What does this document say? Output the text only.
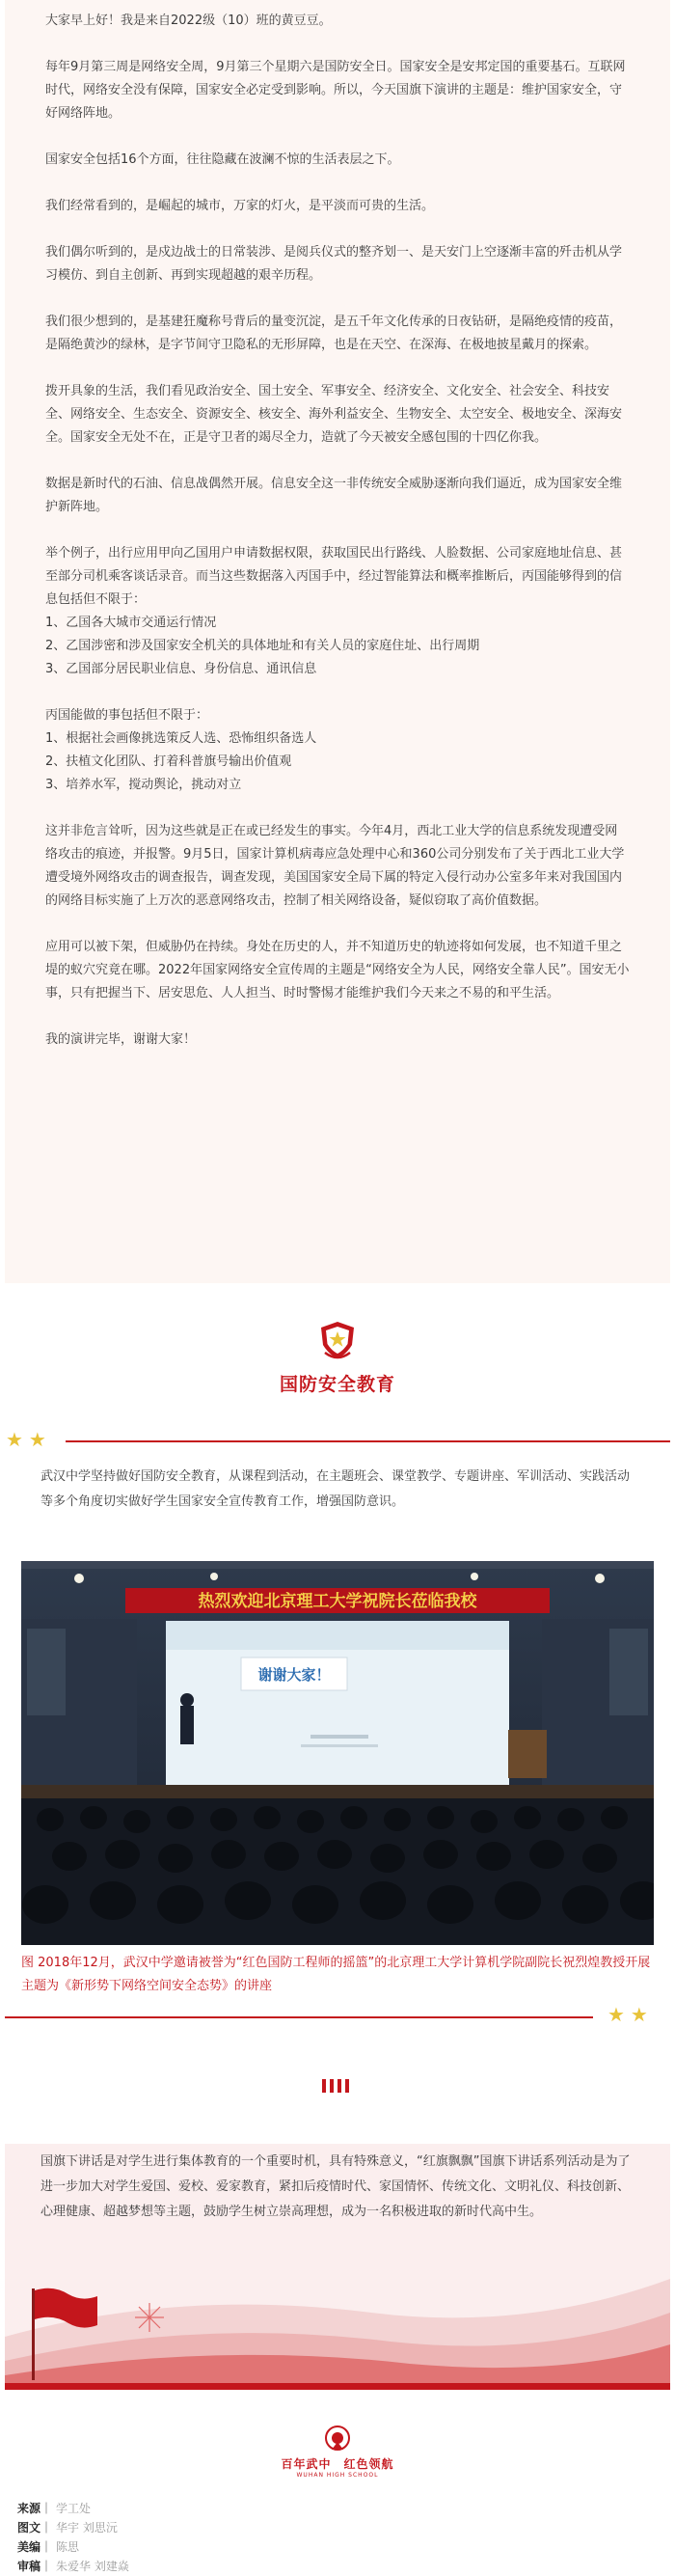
大家早上好！我是来自2022级（10）班的黄豆豆。

每年9月第三周是网络安全周，9月第三个星期六是国防安全日。国家安全是安邦定国的重要基石。互联网时代，网络安全没有保障，国家安全必定受到影响。所以，今天国旗下演讲的主题是：维护国家安全，守好网络阵地。

国家安全包括16个方面，往往隐藏在波澜不惊的生活表层之下。

我们经常看到的，是崛起的城市，万家的灯火，是平淡而可贵的生活。

我们偶尔听到的，是戍边战士的日常装涉、是阅兵仪式的整齐划一、是天安门上空逐渐丰富的歼击机从学习模仿、到自主创新、再到实现超越的艰辛历程。

我们很少想到的，是基建狂魔称号背后的量变沉淀，是五千年文化传承的日夜钻研，是隔绝疫情的疫苗，是隔绝黄沙的绿林，是字节间守卫隐私的无形屏障，也是在天空、在深海、在极地披星戴月的探索。

拨开具象的生活，我们看见政治安全、国土安全、军事安全、经济安全、文化安全、社会安全、科技安全、网络安全、生态安全、资源安全、核安全、海外利益安全、生物安全、太空安全、极地安全、深海安全。国家安全无处不在，正是守卫者的竭尽全力，造就了今天被安全感包围的十四亿你我。

数据是新时代的石油、信息战偶然开展。信息安全这一非传统安全威胁逐渐向我们逼近，成为国家安全维护新阵地。

举个例子，出行应用甲向乙国用户申请数据权限，获取国民出行路线、人脸数据、公司家庭地址信息、甚至部分司机乘客谈话录音。而当这些数据落入丙国手中，经过智能算法和概率推断后，丙国能够得到的信息包括但不限于：

1、乙国各大城市交通运行情况

2、乙国涉密和涉及国家安全机关的具体地址和有关人员的家庭住址、出行周期

3、乙国部分居民职业信息、身份信息、通讯信息

丙国能做的事包括但不限于：

1、根据社会画像挑选策反人选、恐怖组织备选人

2、扶植文化团队、打着科普旗号输出价值观

3、培养水军，搅动舆论，挑动对立

这并非危言耸听，因为这些就是正在或已经发生的事实。今年4月，西北工业大学的信息系统发现遭受网络攻击的痕迹，并报警。9月5日，国家计算机病毒应急处理中心和360公司分别发布了关于西北工业大学遭受境外网络攻击的调查报告，调查发现，美国国家安全局下属的特定入侵行动办公室多年来对我国国内的网络目标实施了上万次的恶意网络攻击，控制了相关网络设备，疑似窃取了高价值数据。

应用可以被下架，但威胁仍在持续。身处在历史的人，并不知道历史的轨迹将如何发展，也不知道千里之堤的蚁穴究竟在哪。2022年国家网络安全宣传周的主题是“网络安全为人民，网络安全靠人民”。国安无小事，只有把握当下、居安思危、人人担当、时时警惕才能维护我们今天来之不易的和平生活。

我的演讲完毕，谢谢大家！

国防安全教育
★★
武汉中学坚持做好国防安全教育，从课程到活动，在主题班会、课堂教学、专题讲座、军训活动、实践活动等多个角度切实做好学生国家安全宣传教育工作，增强国防意识。
热烈欢迎北京理工大学祝院长莅临我校
谢谢大家！
图 2018年12月，武汉中学邀请被誉为“红色国防工程师的摇篮”的北京理工大学计算机学院副院长祝烈煌教授开展主题为《新形势下网络空间安全态势》的讲座
★★
国旗下讲话是对学生进行集体教育的一个重要时机，具有特殊意义，“红旗飘飘”国旗下讲话系列活动是为了进一步加大对学生爱国、爱校、爱家教育，紧扣后疫情时代、家国情怀、传统文化、文明礼仪、科技创新、心理健康、超越梦想等主题，鼓励学生树立崇高理想，成为一名积极进取的新时代高中生。
百年武中　红色领航
WUHAN HIGH SCHOOL
来源｜ 学工处
图文｜ 华宇 刘思沅
美编｜ 陈思
审稿｜ 朱爱华 刘建焱
